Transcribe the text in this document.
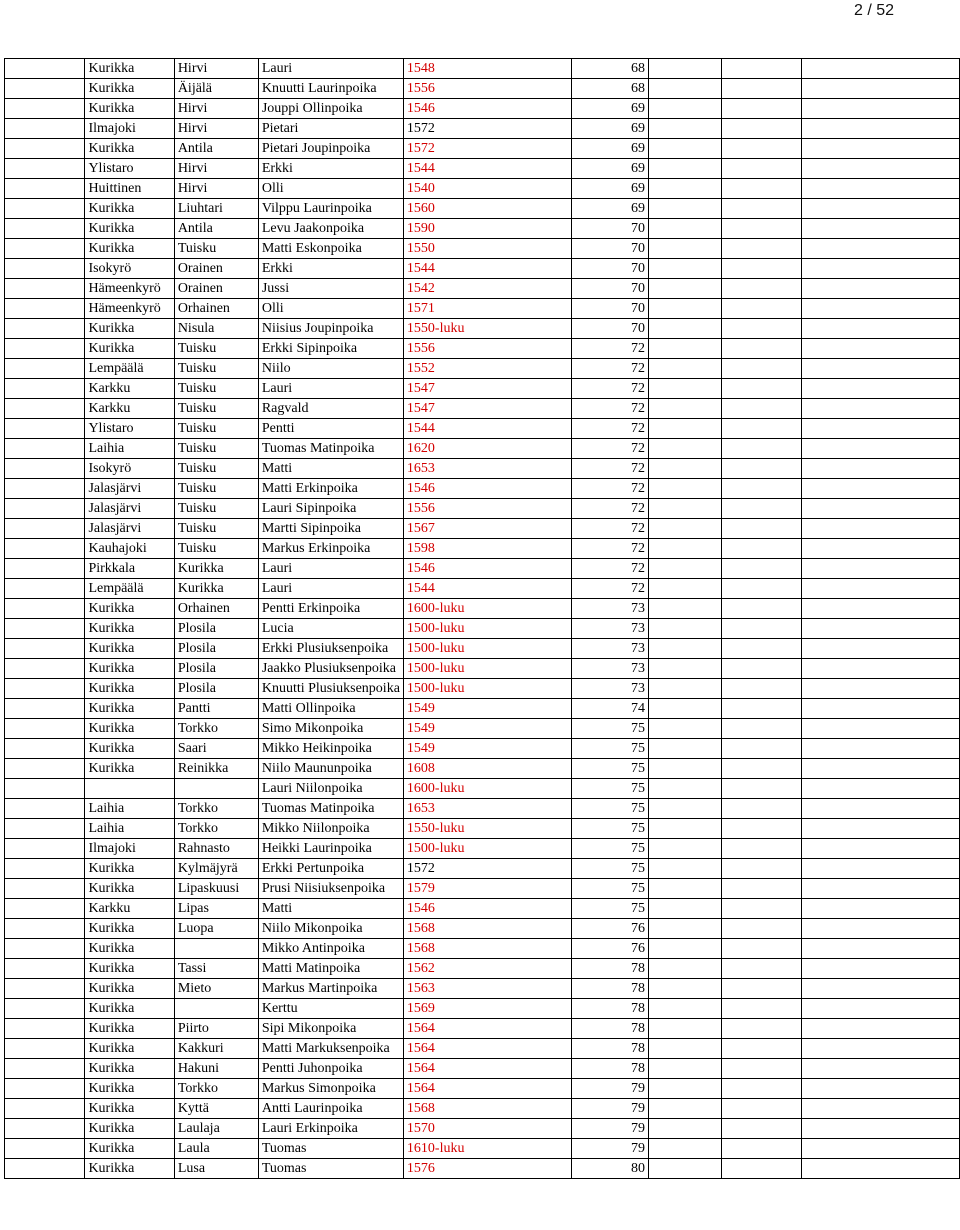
2 / 52
	Kurikka	Hirvi	Lauri	1548	68			
	Kurikka	Äijälä	Knuutti Laurinpoika	1556	68			
	Kurikka	Hirvi	Jouppi Ollinpoika	1546	69			
	Ilmajoki	Hirvi	Pietari	1572	69			
	Kurikka	Antila	Pietari Joupinpoika	1572	69			
	Ylistaro	Hirvi	Erkki	1544	69			
	Huittinen	Hirvi	Olli	1540	69			
	Kurikka	Liuhtari	Vilppu Laurinpoika	1560	69			
	Kurikka	Antila	Levu Jaakonpoika	1590	70			
	Kurikka	Tuisku	Matti Eskonpoika	1550	70			
	Isokyrö	Orainen	Erkki	1544	70			
	Hämeenkyrö	Orainen	Jussi	1542	70			
	Hämeenkyrö	Orhainen	Olli	1571	70			
	Kurikka	Nisula	Niisius Joupinpoika	1550-luku	70			
	Kurikka	Tuisku	Erkki Sipinpoika	1556	72			
	Lempäälä	Tuisku	Niilo	1552	72			
	Karkku	Tuisku	Lauri	1547	72			
	Karkku	Tuisku	Ragvald	1547	72			
	Ylistaro	Tuisku	Pentti	1544	72			
	Laihia	Tuisku	Tuomas Matinpoika	1620	72			
	Isokyrö	Tuisku	Matti	1653	72			
	Jalasjärvi	Tuisku	Matti Erkinpoika	1546	72			
	Jalasjärvi	Tuisku	Lauri Sipinpoika	1556	72			
	Jalasjärvi	Tuisku	Martti Sipinpoika	1567	72			
	Kauhajoki	Tuisku	Markus Erkinpoika	1598	72			
	Pirkkala	Kurikka	Lauri	1546	72			
	Lempäälä	Kurikka	Lauri	1544	72			
	Kurikka	Orhainen	Pentti Erkinpoika	1600-luku	73			
	Kurikka	Plosila	Lucia	1500-luku	73			
	Kurikka	Plosila	Erkki Plusiuksenpoika	1500-luku	73			
	Kurikka	Plosila	Jaakko Plusiuksenpoika	1500-luku	73			
	Kurikka	Plosila	Knuutti Plusiuksenpoika	1500-luku	73			
	Kurikka	Pantti	Matti Ollinpoika	1549	74			
	Kurikka	Torkko	Simo Mikonpoika	1549	75			
	Kurikka	Saari	Mikko Heikinpoika	1549	75			
	Kurikka	Reinikka	Niilo Maununpoika	1608	75			
			Lauri Niilonpoika	1600-luku	75			
	Laihia	Torkko	Tuomas Matinpoika	1653	75			
	Laihia	Torkko	Mikko Niilonpoika	1550-luku	75			
	Ilmajoki	Rahnasto	Heikki Laurinpoika	1500-luku	75			
	Kurikka	Kylmäjyrä	Erkki Pertunpoika	1572	75			
	Kurikka	Lipaskuusi	Prusi Niisiuksenpoika	1579	75			
	Karkku	Lipas	Matti	1546	75			
	Kurikka	Luopa	Niilo Mikonpoika	1568	76			
	Kurikka		Mikko Antinpoika	1568	76			
	Kurikka	Tassi	Matti Matinpoika	1562	78			
	Kurikka	Mieto	Markus Martinpoika	1563	78			
	Kurikka		Kerttu	1569	78			
	Kurikka	Piirto	Sipi Mikonpoika	1564	78			
	Kurikka	Kakkuri	Matti Markuksenpoika	1564	78			
	Kurikka	Hakuni	Pentti Juhonpoika	1564	78			
	Kurikka	Torkko	Markus Simonpoika	1564	79			
	Kurikka	Kyttä	Antti Laurinpoika	1568	79			
	Kurikka	Laulaja	Lauri Erkinpoika	1570	79			
	Kurikka	Laula	Tuomas	1610-luku	79			
	Kurikka	Lusa	Tuomas	1576	80			
